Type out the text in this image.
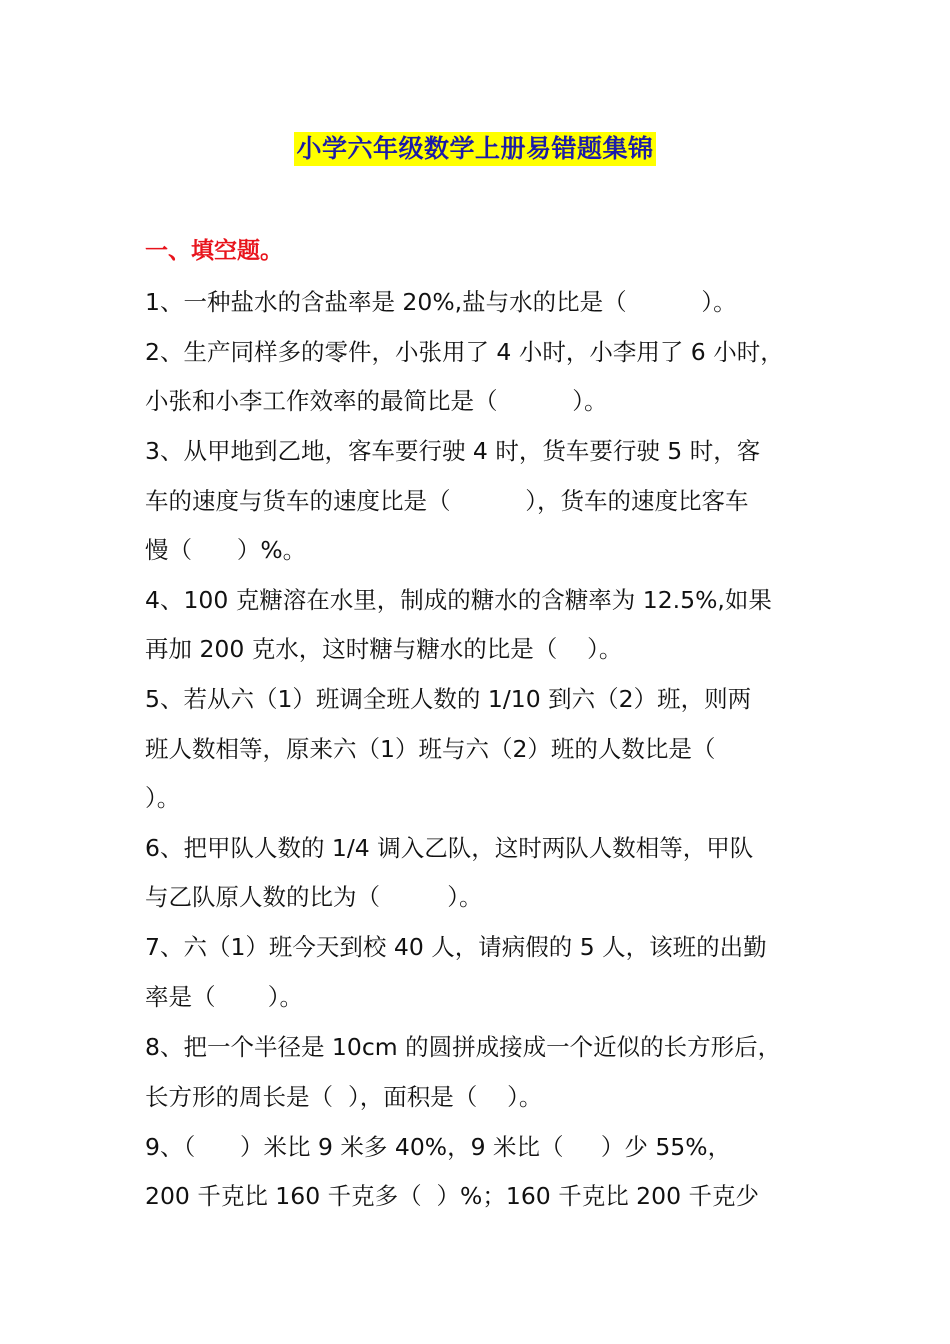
小学六年级数学上册易错题集锦
一、填空题。
1、一种盐水的含盐率是 20%,盐与水的比是（          ）。
2、生产同样多的零件，小张用了 4 小时，小李用了 6 小时，
小张和小李工作效率的最简比是（          ）。
3、从甲地到乙地，客车要行驶 4 时，货车要行驶 5 时，客
车的速度与货车的速度比是（          ），货车的速度比客车
慢（      ）%。
4、100 克糖溶在水里，制成的糖水的含糖率为 12.5%,如果
再加 200 克水，这时糖与糖水的比是（    ）。
5、若从六（1）班调全班人数的 1/10 到六（2）班，则两
班人数相等，原来六（1）班与六（2）班的人数比是（
）。
6、把甲队人数的 1/4 调入乙队，这时两队人数相等，甲队
与乙队原人数的比为（         ）。
7、六（1）班今天到校 40 人，请病假的 5 人，该班的出勤
率是（       ）。
8、把一个半径是 10cm 的圆拼成接成一个近似的长方形后，
长方形的周长是（  ），面积是（    ）。
9、（      ）米比 9 米多 40%，9 米比（     ）少 55%，
200 千克比 160 千克多（  ）%；160 千克比 200 千克少
